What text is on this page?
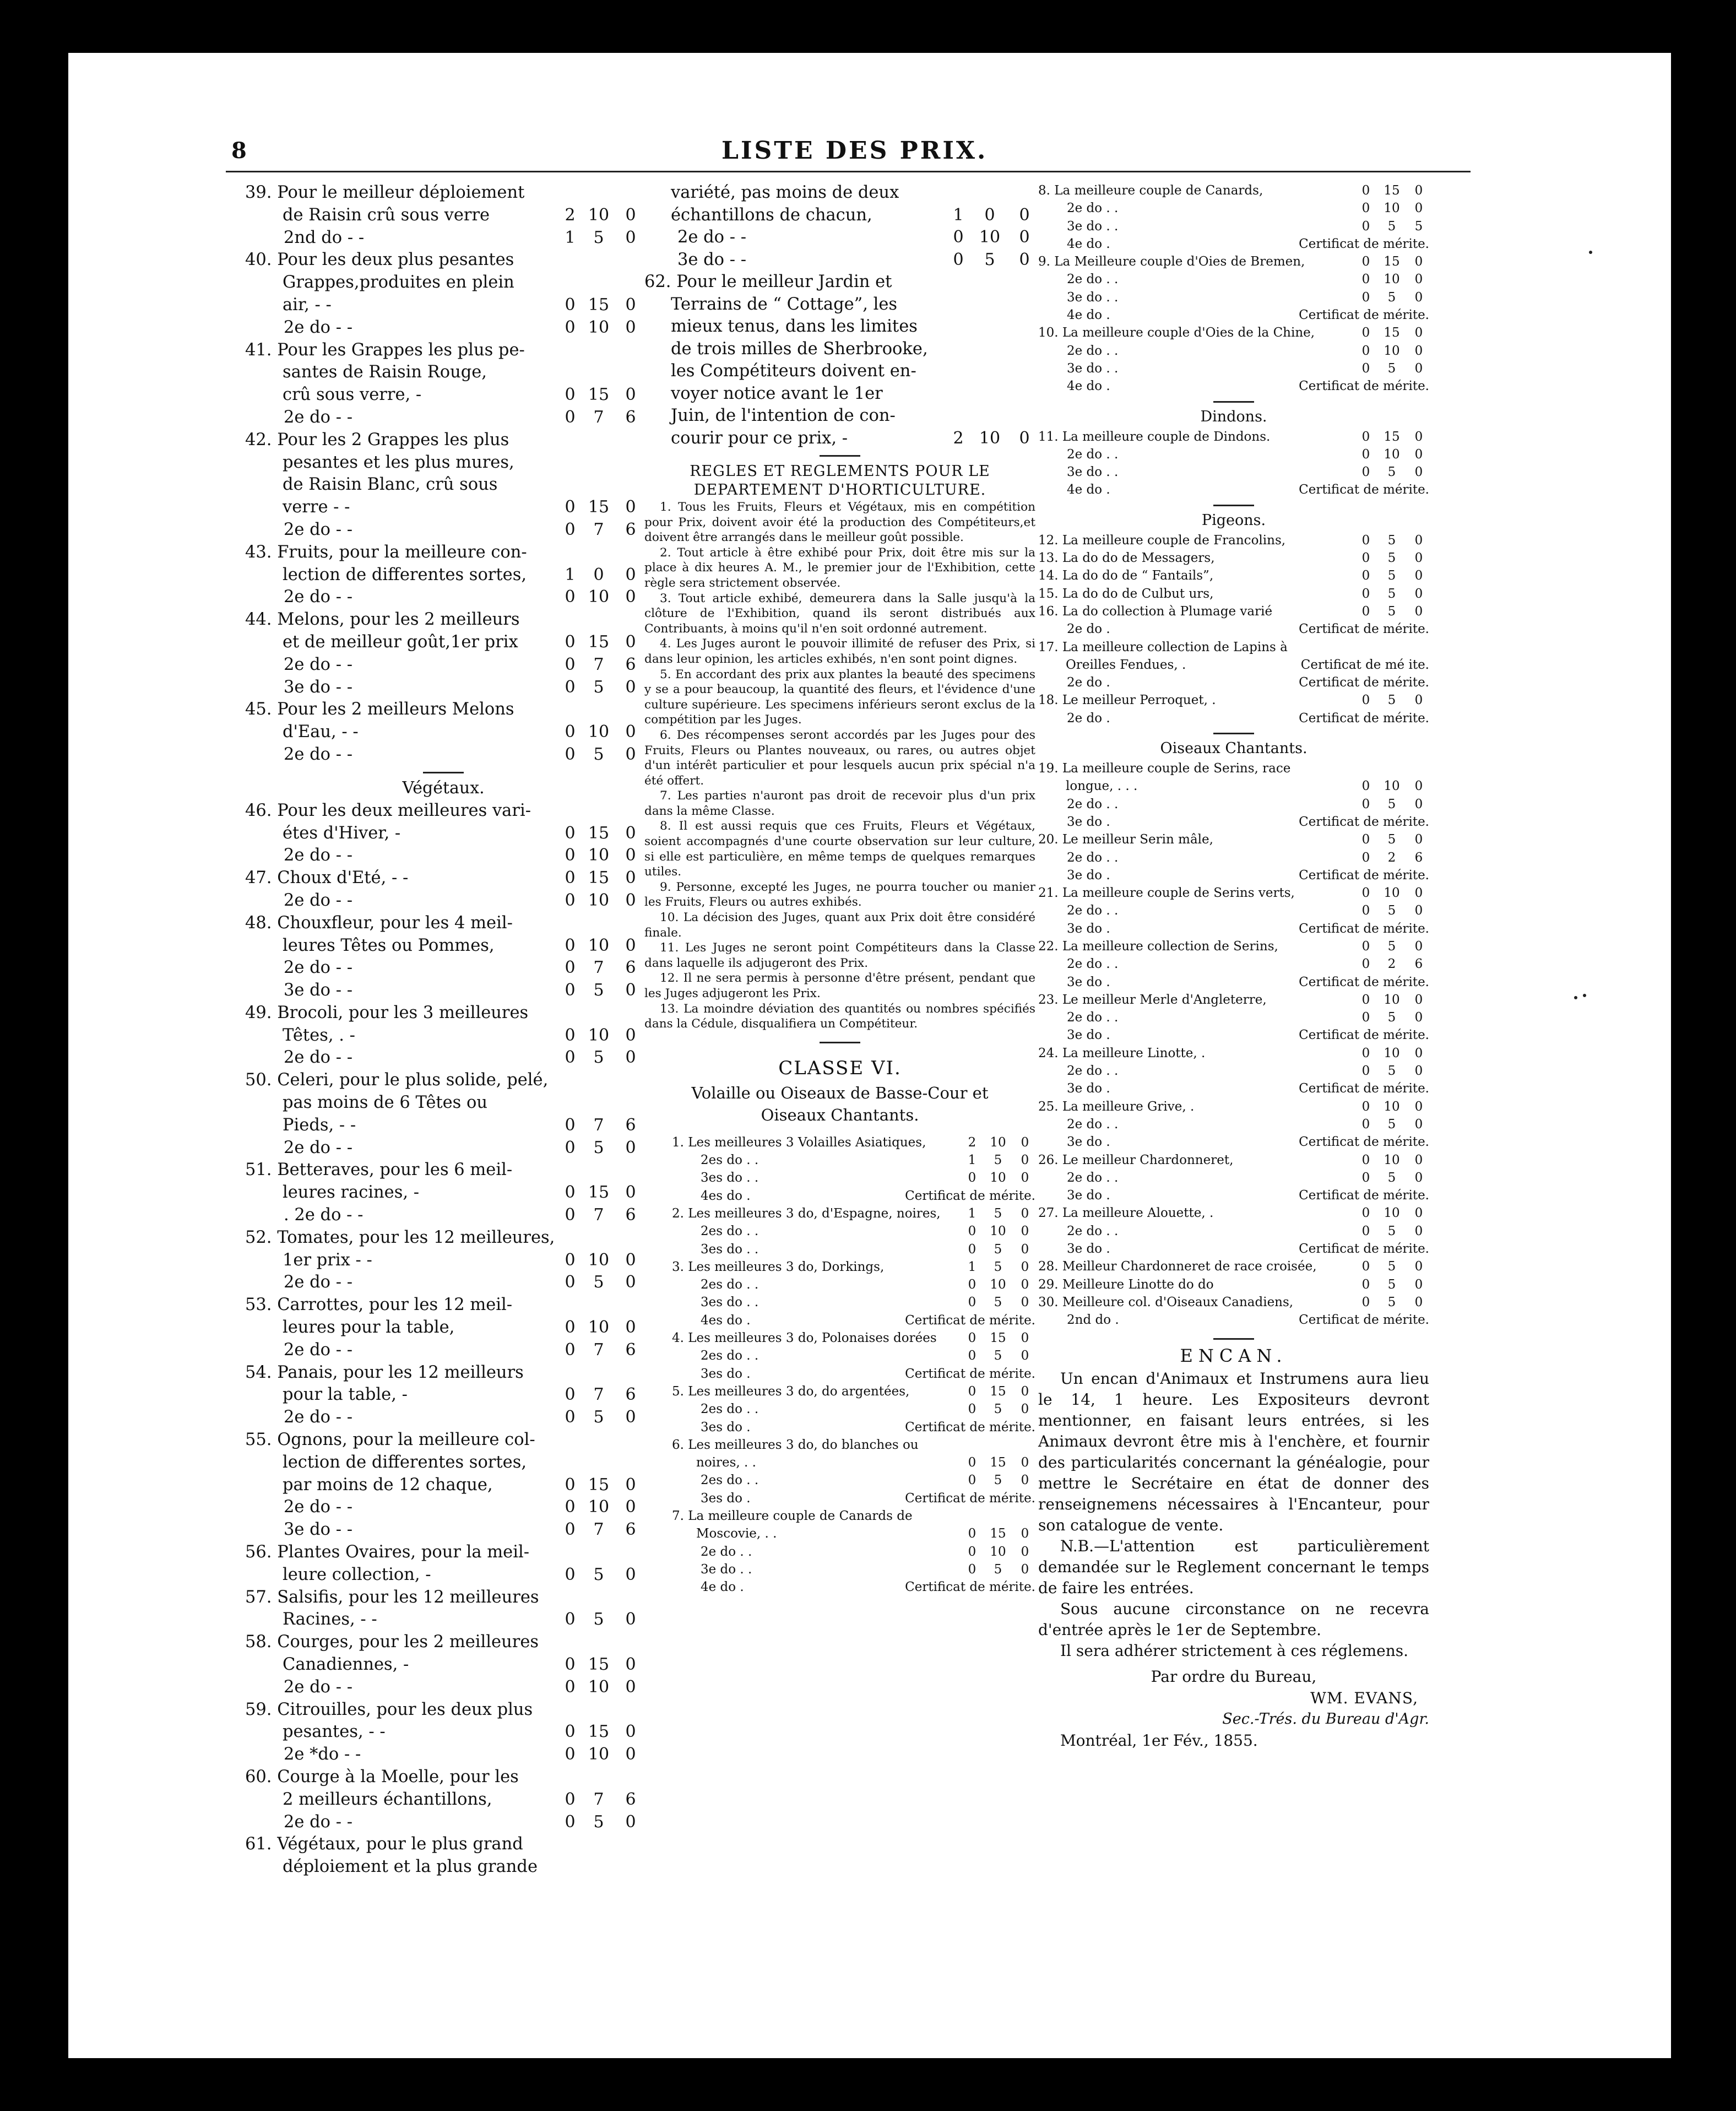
8	LISTE DES PRIX.
39. Pour le meilleur déploiement
de Raisin crû sous verre	2 10 0
2nd do - -	1	5	0
40. Pour les deux plus pesantes
Grappes,produites en plein
air, - -	0 15 0
2e do - -	0 10 0
41. Pour les Grappes les plus pe-
santes de Raisin Rouge,
crû sous verre, -	0 15 0
2e do - -	0	7	6
42. Pour les 2 Grappes les plus
pesantes et les plus mures,
de Raisin Blanc, crû sous
verre - -	0 15 0
2e do - -	0	7	6
43. Fruits, pour la meilleure con-
lection de differentes sortes,	1	0	0
2e do - -	0 10 0
44. Melons, pour les 2 meilleurs
et de meilleur goût,1er prix	0 15 0
2e do - -	0	7	6
3e do - -	0	5	0
45. Pour les 2 meilleurs Melons
d'Eau, - -	0 10 0
2e do - -	0	5	0
Végétaux.
46. Pour les deux meilleures vari-
étes d'Hiver, -	0 15 0
2e do - -	0 10 0
47. Choux d'Eté, - -	0 15 0
2e do - -	0 10 0
48. Chouxfleur, pour les 4 meil-
leures Têtes ou Pommes,	0 10 0
2e do - -	0	7	6
3e do - -	0	5	0
49. Brocoli, pour les 3 meilleures
Têtes, . -	0 10 0
2e do - -	0	5	0
50. Celeri, pour le plus solide, pelé,
pas moins de 6 Têtes ou
Pieds, - -	0	7	6
2e do - -	0	5	0
51. Betteraves, pour les 6 meil-
leures racines, -	0 15 0
. 2e do - -	0	7	6
52. Tomates, pour les 12 meilleures,
1er prix - -	0 10 0
2e do - -	0	5	0
53. Carrottes, pour les 12 meil-
leures pour la table,	0 10 0
2e do - -	0	7	6
54. Panais, pour les 12 meilleurs
pour la table, -	0	7	6
2e do - -	0	5	0
55. Ognons, pour la meilleure col-
lection de differentes sortes,
par moins de 12 chaque,	0 15 0
2e do - -	0 10 0
3e do - -	0	7	6
56. Plantes Ovaires, pour la meil-
leure collection, -	0	5	0
57. Salsifis, pour les 12 meilleures
Racines, - -	0	5	0
58. Courges, pour les 2 meilleures
Canadiennes, -	0 15 0
2e do - -	0 10 0
59. Citrouilles, pour les deux plus
pesantes, - -	0 15 0
2e *do - -	0 10 0
60. Courge à la Moelle, pour les
2 meilleurs échantillons,	0	7	6
2e do - -	0	5	0
61. Végétaux, pour le plus grand
déploiement et la plus grande
variété, pas moins de deux
échantillons de chacun,	1	0	0
2e do - -	0 10	0
3e do - -	0	5	0
62. Pour le meilleur Jardin et
Terrains de “ Cottage”, les
mieux tenus, dans les limites
de trois milles de Sherbrooke,
les Compétiteurs doivent en-
voyer notice avant le 1er
Juin, de l'intention de con-
courir pour ce prix, -	2 10	0
REGLES ET REGLEMENTS POUR LE DEPARTEMENT D'HORTICULTURE.
1. Tous les Fruits, Fleurs et Végétaux, mis en compétition pour Prix, doivent avoir été la production des Compétiteurs,et doivent être arrangés dans le meilleur goût possible.
2. Tout article à être exhibé pour Prix, doit être mis sur la place à dix heures A. M., le premier jour de l'Exhibition, cette règle sera strictement observée.
3. Tout article exhibé, demeurera dans la Salle jusqu'à la clôture de l'Exhibition, quand ils seront distribués aux Contribuants, à moins qu'il n'en soit ordonné autrement.
4. Les Juges auront le pouvoir illimité de refuser des Prix, si dans leur opinion, les articles exhibés, n'en sont point dignes.
5. En accordant des prix aux plantes la beauté des specimens y se a pour beaucoup, la quantité des fleurs, et l'évidence d'une culture supérieure. Les specimens inférieurs seront exclus de la compétition par les Juges.
6. Des récompenses seront accordés par les Juges pour des Fruits, Fleurs ou Plantes nouveaux, ou rares, ou autres objet d'un intérêt particulier et pour lesquels aucun prix spécial n'a été offert.
7. Les parties n'auront pas droit de recevoir plus d'un prix dans la même Classe.
8. Il est aussi requis que ces Fruits, Fleurs et Végétaux, soient accompagnés d'une courte observation sur leur culture, si elle est particulière, en même temps de quelques remarques utiles.
9. Personne, excepté les Juges, ne pourra toucher ou manier les Fruits, Fleurs ou autres exhibés.
10. La décision des Juges, quant aux Prix doit être considéré finale.
11. Les Juges ne seront point Compétiteurs dans la Classe dans laquelle ils adjugeront des Prix.
12. Il ne sera permis à personne d'être présent, pendant que les Juges adjugeront les Prix.
13. La moindre déviation des quantités ou nombres spécifiés dans la Cédule, disqualifiera un Compétiteur.
CLASSE VI.
Volaille ou Oiseaux de Basse-Cour et
Oiseaux Chantants.
1. Les meilleures 3 Volailles Asiatiques,	2	10	0
2es do . .	1	5	0
3es do . .	0	10	0
4es do .	Certificat de mérite.
2. Les meilleures 3 do, d'Espagne, noires,	1	5	0
2es do . .	0	10	0
3es do . .	0	5	0
3. Les meilleures 3 do, Dorkings,	1	5	0
2es do . .	0	10	0
3es do . .	0	5	0
4es do .	Certificat de mérite.
4. Les meilleures 3 do, Polonaises dorées	0	15	0
2es do . .	0	5	0
3es do .	Certificat de mérite.
5. Les meilleures 3 do, do argentées,	0	15	0
2es do . .	0	5	0
3es do .	Certificat de mérite.
6. Les meilleures 3 do, do blanches ou
noires, . .	0	15	0
2es do . .	0	5	0
3es do .	Certificat de mérite.
7. La meilleure couple de Canards de
Moscovie, . .	0	15	0
2e do . .	0	10	0
3e do . .	0	5	0
4e do .	Certificat de mérite.
8. La meilleure couple de Canards,	0	15	0
2e do . .	0	10	0
3e do . .	0	5	5
4e do .	Certificat de mérite.
9. La Meilleure couple d'Oies de Bremen,	0	15	0
2e do . .	0	10	0
3e do . .	0	5	0
4e do .	Certificat de mérite.
10. La meilleure couple d'Oies de la Chine,	0	15	0
2e do . .	0	10	0
3e do . .	0	5	0
4e do .	Certificat de mérite.
Dindons.
11. La meilleure couple de Dindons.	0	15	0
2e do . .	0	10	0
3e do . .	0	5	0
4e do .	Certificat de mérite.
Pigeons.
12. La meilleure couple de Francolins,	0	5	0
13. La do do de Messagers,	0	5	0
14. La do do de “ Fantails”,	0	5	0
15. La do do de Culbut urs,	0	5	0
16. La do collection à Plumage varié	0	5	0
2e do .	Certificat de mérite.
17. La meilleure collection de Lapins à
Oreilles Fendues, .	Certificat de mé ite.
2e do .	Certificat de mérite.
18. Le meilleur Perroquet, .	0	5	0
2e do .	Certificat de mérite.
Oiseaux Chantants.
19. La meilleure couple de Serins, race
longue, . . .	0	10	0
2e do . .	0	5	0
3e do .	Certificat de mérite.
20. Le meilleur Serin mâle,	0	5	0
2e do . .	0	2	6
3e do .	Certificat de mérite.
21. La meilleure couple de Serins verts,	0	10	0
2e do . .	0	5	0
3e do .	Certificat de mérite.
22. La meilleure collection de Serins,	0	5	0
2e do . .	0	2	6
3e do .	Certificat de mérite.
23. Le meilleur Merle d'Angleterre,	0	10	0
2e do . .	0	5	0
3e do .	Certificat de mérite.
24. La meilleure Linotte, .	0	10	0
2e do . .	0	5	0
3e do .	Certificat de mérite.
25. La meilleure Grive, .	0	10	0
2e do . .	0	5	0
3e do .	Certificat de mérite.
26. Le meilleur Chardonneret,	0	10	0
2e do . .	0	5	0
3e do .	Certificat de mérite.
27. La meilleure Alouette, .	0	10	0
2e do . .	0	5	0
3e do .	Certificat de mérite.
28. Meilleur Chardonneret de race croisée,	0	5	0
29. Meilleure Linotte do do	0	5	0
30. Meilleure col. d'Oiseaux Canadiens,	0	5	0
2nd do .	Certificat de mérite.
ENCAN.
Un encan d'Animaux et Instrumens aura lieu le 14, 1 heure. Les Expositeurs devront mentionner, en faisant leurs entrées, si les Animaux devront être mis à l'enchère, et fournir des particularités concernant la généalogie, pour mettre le Secrétaire en état de donner des renseignemens nécessaires à l'Encanteur, pour son catalogue de vente.
N.B.—L'attention est particulièrement demandée sur le Reglement concernant le temps de faire les entrées.
Sous aucune circonstance on ne recevra d'entrée après le 1er de Septembre.
Il sera adhérer strictement à ces réglemens.
Par ordre du Bureau,
WM. EVANS,
Sec.-Trés. du Bureau d'Agr.
Montréal, 1er Fév., 1855.
